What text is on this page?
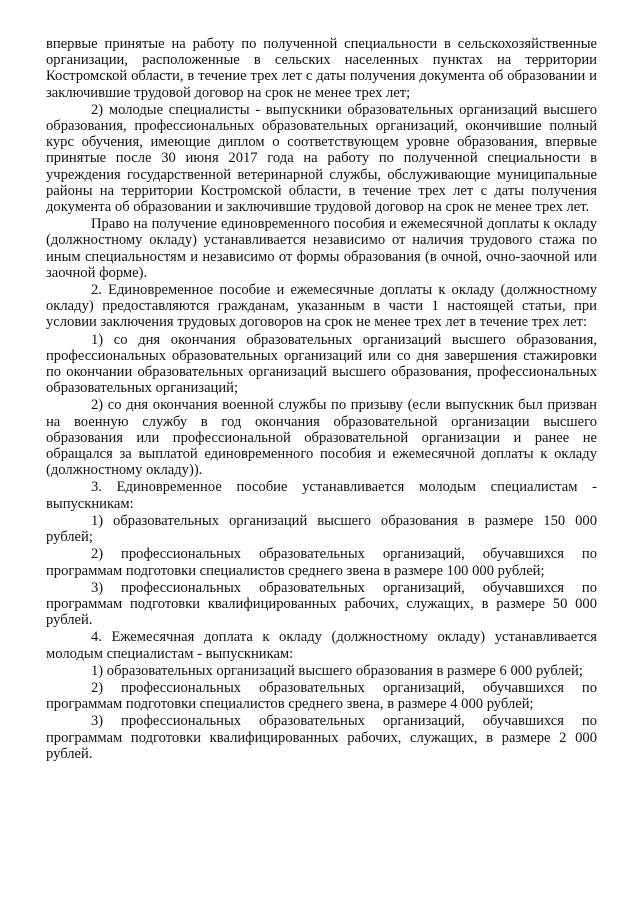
впервые принятые на работу по полученной специальности в сельскохозяйственные организации, расположенные в сельских населенных пунктах на территории Костромской области, в течение трех лет с даты получения документа об образовании и заключившие трудовой договор на срок не менее трех лет;

2) молодые специалисты - выпускники образовательных организаций высшего образования, профессиональных образовательных организаций, окончившие полный курс обучения, имеющие диплом о соответствующем уровне образования, впервые принятые после 30 июня 2017 года на работу по полученной специальности в учреждения государственной ветеринарной службы, обслуживающие муниципальные районы на территории Костромской области, в течение трех лет с даты получения документа об образовании и заключившие трудовой договор на срок не менее трех лет.

Право на получение единовременного пособия и ежемесячной доплаты к окладу (должностному окладу) устанавливается независимо от наличия трудового стажа по иным специальностям и независимо от формы образования (в очной, очно-заочной или заочной форме).

2. Единовременное пособие и ежемесячные доплаты к окладу (должностному окладу) предоставляются гражданам, указанным в части 1 настоящей статьи, при условии заключения трудовых договоров на срок не менее трех лет в течение трех лет:

1) со дня окончания образовательных организаций высшего образования, профессиональных образовательных организаций или со дня завершения стажировки по окончании образовательных организаций высшего образования, профессиональных образовательных организаций;

2) со дня окончания военной службы по призыву (если выпускник был призван на военную службу в год окончания образовательной организации высшего образования или профессиональной образовательной организации и ранее не обращался за выплатой единовременного пособия и ежемесячной доплаты к окладу (должностному окладу)).

3. Единовременное пособие устанавливается молодым специалистам - выпускникам:

1) образовательных организаций высшего образования в размере 150 000 рублей;

2) профессиональных образовательных организаций, обучавшихся по программам подготовки специалистов среднего звена в размере 100 000 рублей;

3) профессиональных образовательных организаций, обучавшихся по программам подготовки квалифицированных рабочих, служащих, в размере 50 000 рублей.

4. Ежемесячная доплата к окладу (должностному окладу) устанавливается молодым специалистам - выпускникам:

1) образовательных организаций высшего образования в размере 6 000 рублей;

2) профессиональных образовательных организаций, обучавшихся по программам подготовки специалистов среднего звена, в размере 4 000 рублей;

3) профессиональных образовательных организаций, обучавшихся по программам подготовки квалифицированных рабочих, служащих, в размере 2 000 рублей.
